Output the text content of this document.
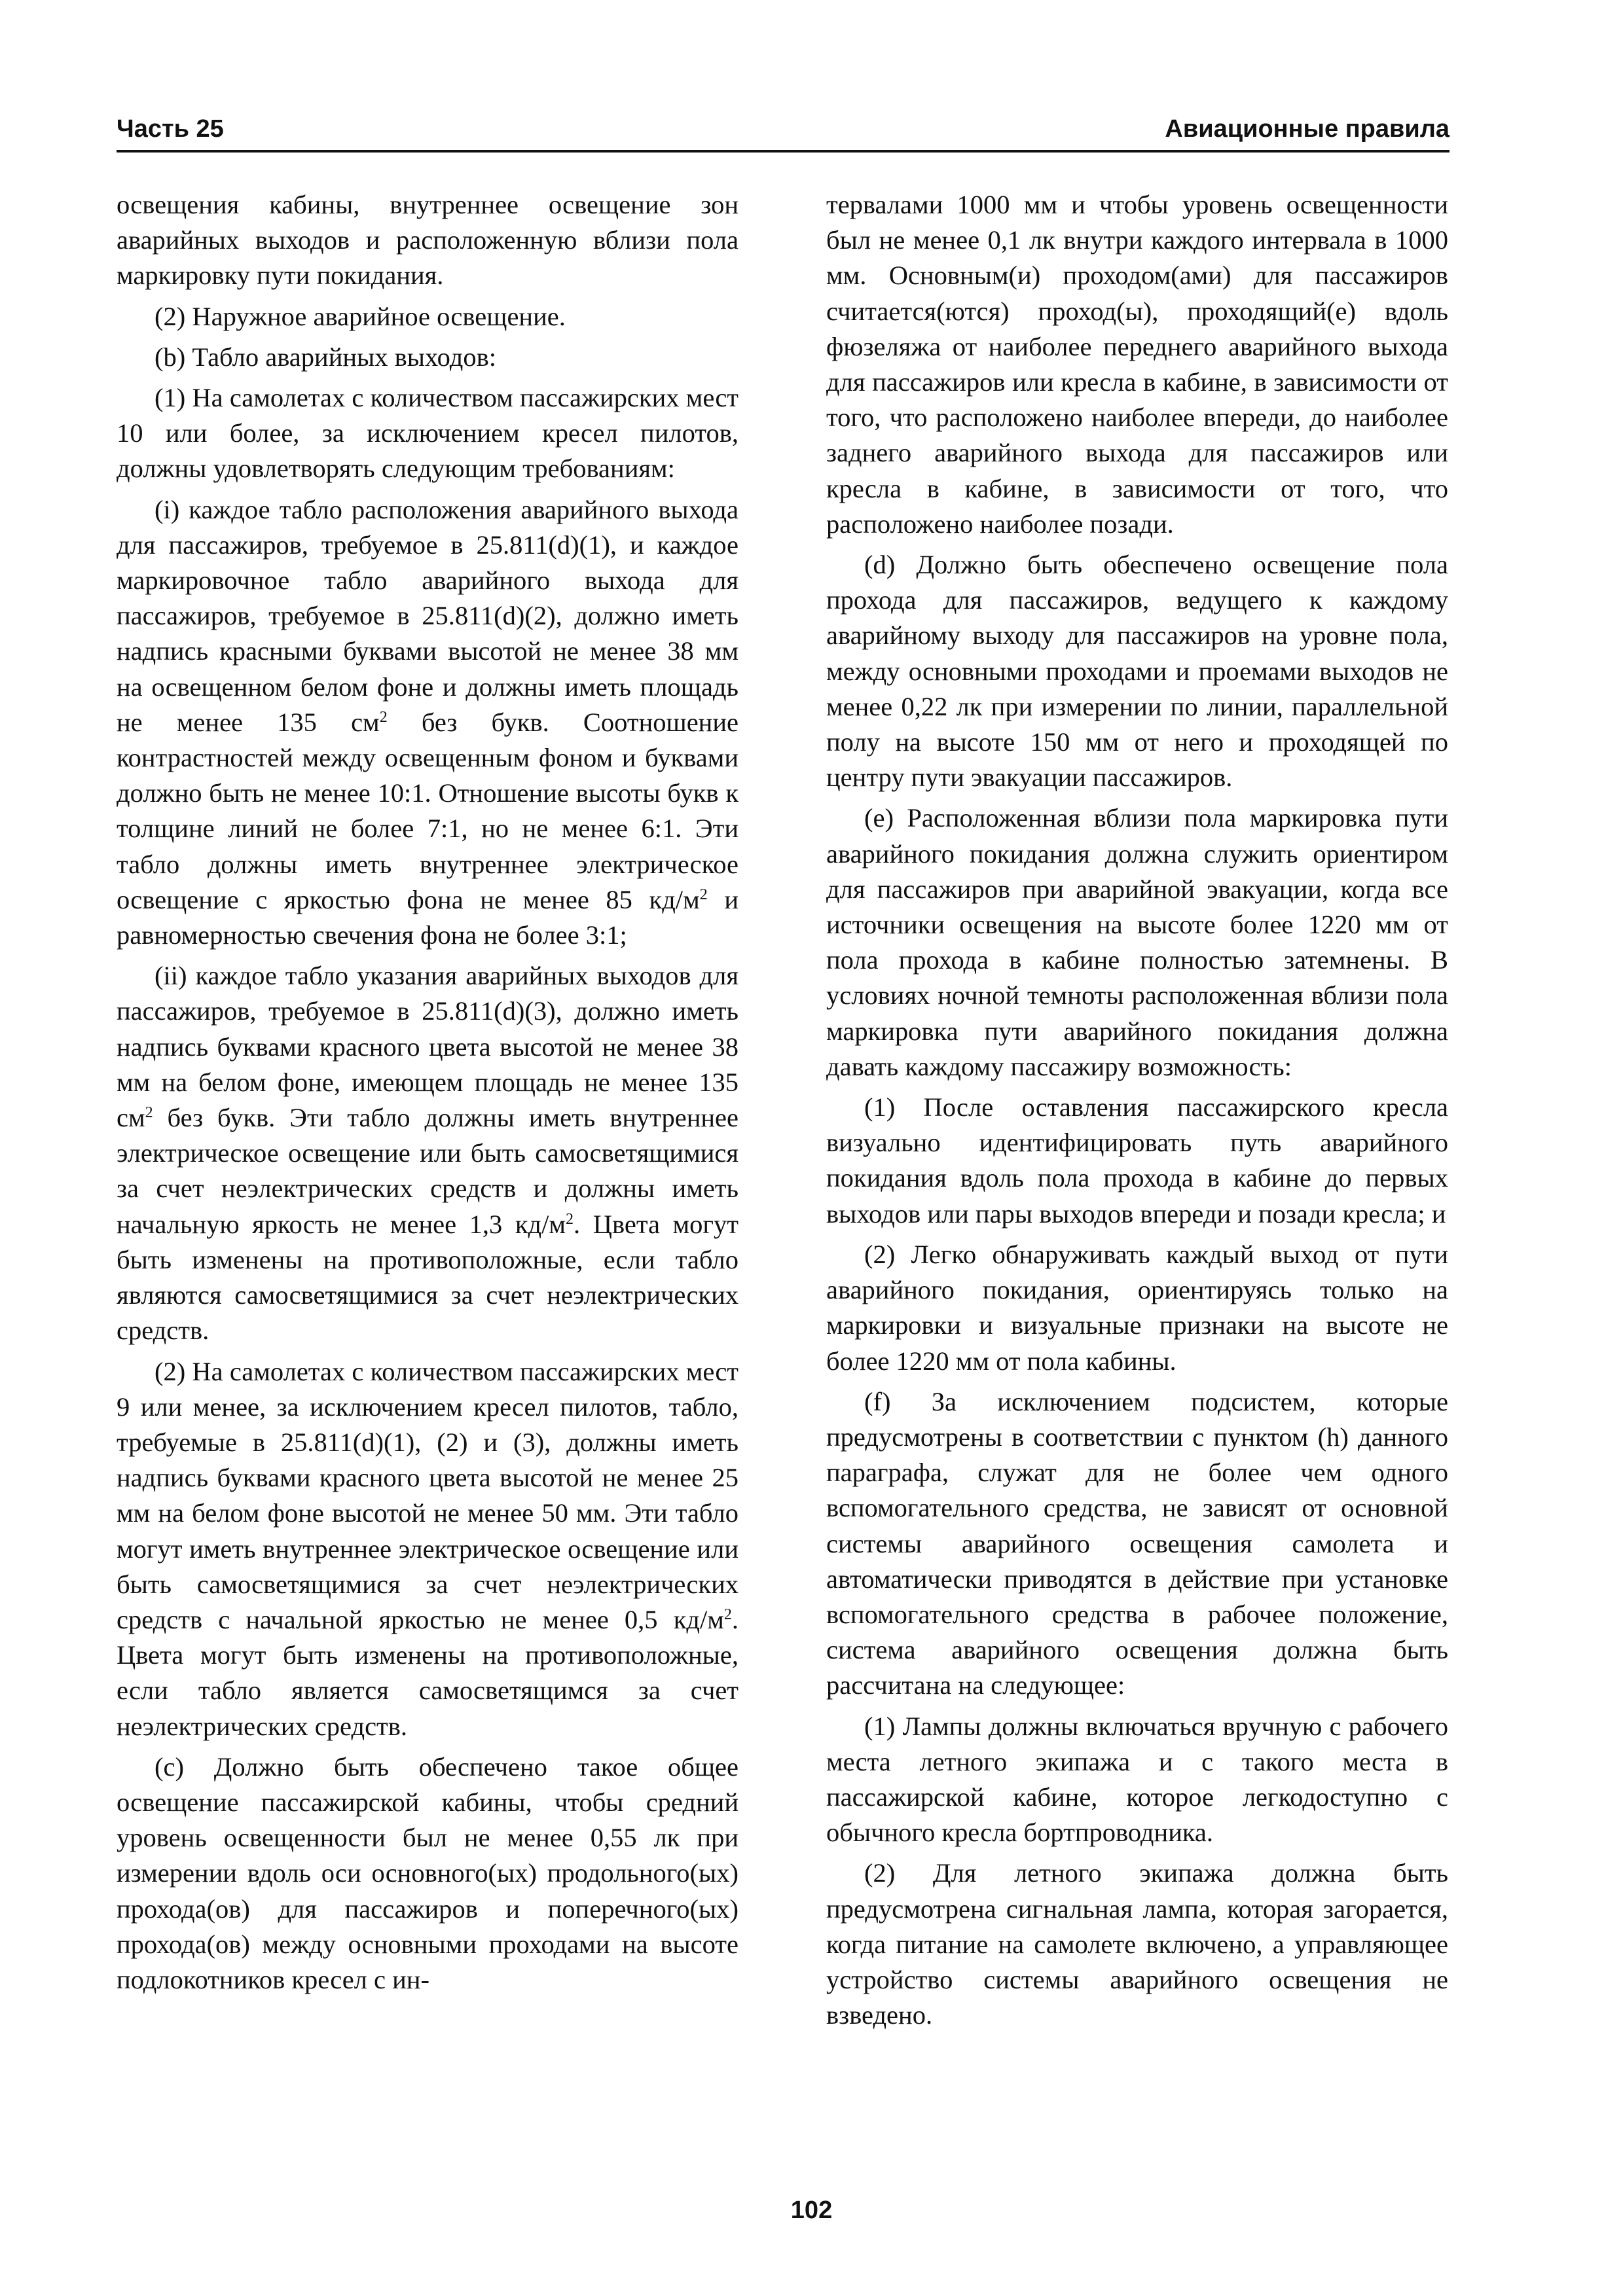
Часть 25	Авиационные правила

освещения кабины, внутреннее освещение зон аварийных выходов и расположенную вблизи пола маркировку пути покидания.

(2) Наружное аварийное освещение.

(b) Табло аварийных выходов:

(1) На самолетах с количеством пассажирских мест 10 или более, за исключением кресел пилотов, должны удовлетворять следующим требованиям:

(i) каждое табло расположения аварийного выхода для пассажиров, требуемое в 25.811(d)(1), и каждое маркировочное табло аварийного выхода для пассажиров, требуемое в 25.811(d)(2), должно иметь надпись красными буквами высотой не менее 38 мм на освещенном белом фоне и должны иметь площадь не менее 135 $см^2$ без букв. Соотношение контрастностей между освещенным фоном и буквами должно быть не менее 10:1. Отношение высоты букв к толщине линий не более 7:1, но не менее 6:1. Эти табло должны иметь внутреннее электрическое освещение с яркостью фона не менее 85 $кд/м^2$ и равномерностью свечения фона не более 3:1;

(ii) каждое табло указания аварийных выходов для пассажиров, требуемое в 25.811(d)(3), должно иметь надпись буквами красного цвета высотой не менее 38 мм на белом фоне, имеющем площадь не менее 135 $см^2$ без букв. Эти табло должны иметь внутреннее электрическое освещение или быть самосветящимися за счет неэлектрических средств и должны иметь начальную яркость не менее 1,3 $кд/м^2$. Цвета могут быть изменены на противоположные, если табло являются самосветящимися за счет неэлектрических средств.

(2) На самолетах с количеством пассажирских мест 9 или менее, за исключением кресел пилотов, табло, требуемые в 25.811(d)(1), (2) и (3), должны иметь надпись буквами красного цвета высотой не менее 25 мм на белом фоне высотой не менее 50 мм. Эти табло могут иметь внутреннее электрическое освещение или быть самосветящимися за счет неэлектрических средств с начальной яркостью не менее 0,5 $кд/м^2$. Цвета могут быть изменены на противоположные, если табло является самосветящимся за счет неэлектрических средств.

(c) Должно быть обеспечено такое общее освещение пассажирской кабины, чтобы средний уровень освещенности был не менее 0,55 лк при измерении вдоль оси основного(ых) продольного(ых) прохода(ов) для пассажиров и поперечного(ых) прохода(ов) между основными проходами на высоте подлокотников кресел с ин-

тервалами 1000 мм и чтобы уровень освещенности был не менее 0,1 лк внутри каждого интервала в 1000 мм. Основным(и) проходом(ами) для пассажиров считается(ются) проход(ы), проходящий(е) вдоль фюзеляжа от наиболее переднего аварийного выхода для пассажиров или кресла в кабине, в зависимости от того, что расположено наиболее впереди, до наиболее заднего аварийного выхода для пассажиров или кресла в кабине, в зависимости от того, что расположено наиболее позади.

(d) Должно быть обеспечено освещение пола прохода для пассажиров, ведущего к каждому аварийному выходу для пассажиров на уровне пола, между основными проходами и проемами выходов не менее 0,22 лк при измерении по линии, параллельной полу на высоте 150 мм от него и проходящей по центру пути эвакуации пассажиров.

(e) Расположенная вблизи пола маркировка пути аварийного покидания должна служить ориентиром для пассажиров при аварийной эвакуации, когда все источники освещения на высоте более 1220 мм от пола прохода в кабине полностью затемнены. В условиях ночной темноты расположенная вблизи пола маркировка пути аварийного покидания должна давать каждому пассажиру возможность:

(1) После оставления пассажирского кресла визуально идентифицировать путь аварийного покидания вдоль пола прохода в кабине до первых выходов или пары выходов впереди и позади кресла; и

(2) Легко обнаруживать каждый выход от пути аварийного покидания, ориентируясь только на маркировки и визуальные признаки на высоте не более 1220 мм от пола кабины.

(f) За исключением подсистем, которые предусмотрены в соответствии с пунктом (h) данного параграфа, служат для не более чем одного вспомогательного средства, не зависят от основной системы аварийного освещения самолета и автоматически приводятся в действие при установке вспомогательного средства в рабочее положение, система аварийного освещения должна быть рассчитана на следующее:

(1) Лампы должны включаться вручную с рабочего места летного экипажа и с такого места в пассажирской кабине, которое легкодоступно с обычного кресла бортпроводника.

(2) Для летного экипажа должна быть предусмотрена сигнальная лампа, которая загорается, когда питание на самолете включено, а управляющее устройство системы аварийного освещения не взведено.

102
